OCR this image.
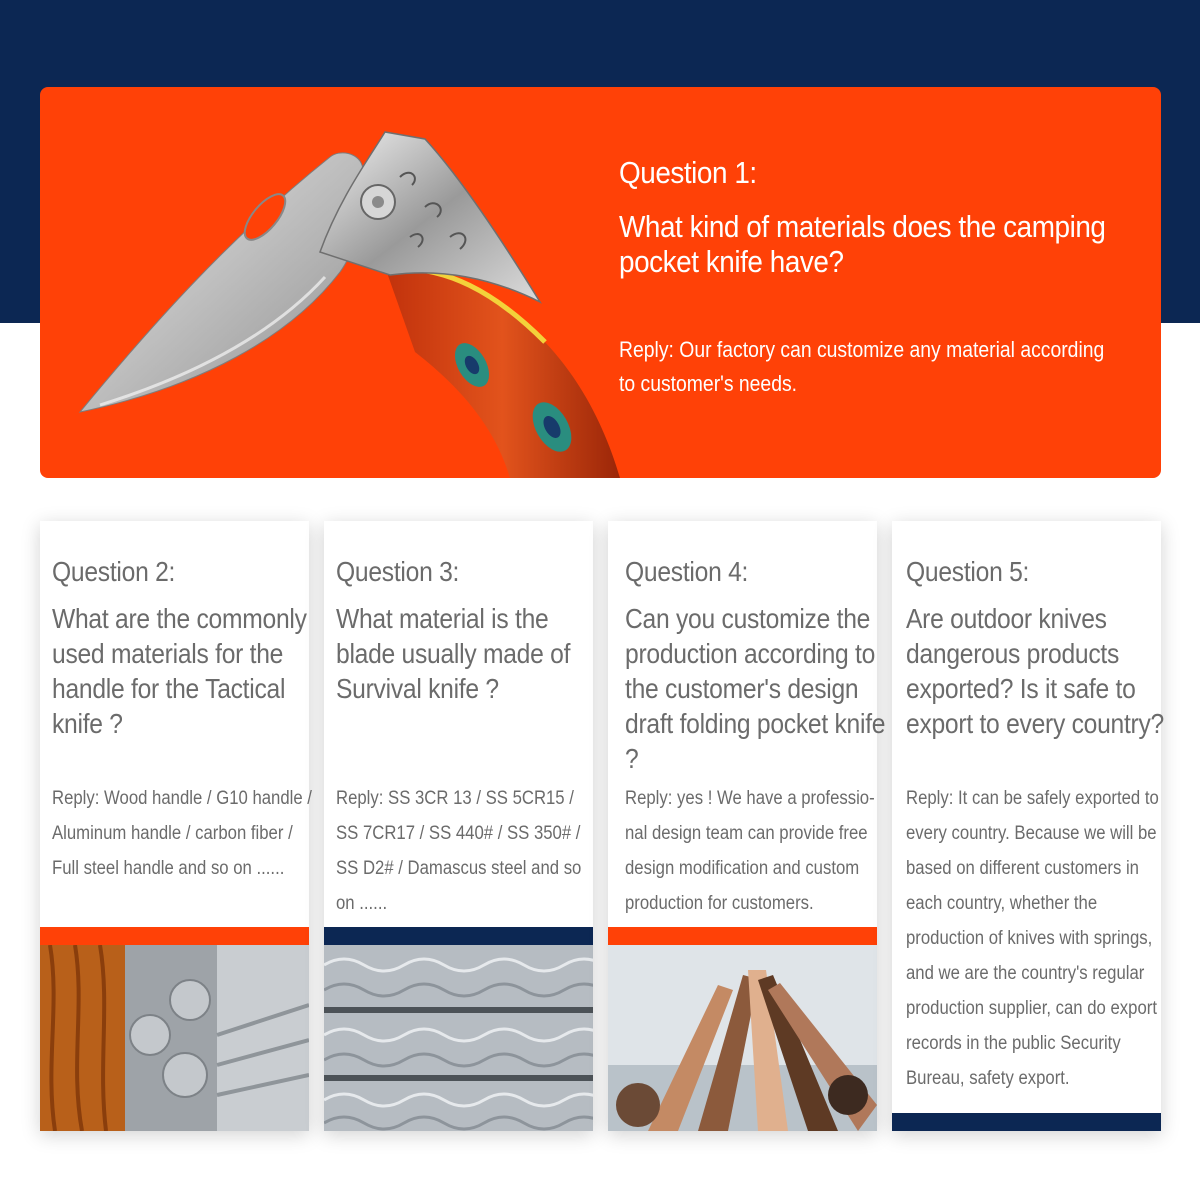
Question 1:
What kind of materials does the camping pocket knife have?
Reply: Our factory can customize any material according to customer's needs.
Question 2:
What are the commonly used materials for the handle for the Tactical knife ?
Reply: Wood handle / G10 handle / Aluminum handle / carbon fiber / Full steel handle and so on ......
Question 3:
What material is the blade usually made of Survival knife ?
Reply: SS 3CR 13 / SS 5CR15 / SS 7CR17 / SS 440# / SS 350# / SS D2# / Damascus steel and so on ......
Question 4:
Can you customize the production according to the customer's design draft folding pocket knife ?
Reply: yes ! We have a professio-nal design team can provide free design modification and custom production for customers.
Question 5:
Are outdoor knives dangerous products exported? Is it safe to export to every country?
Reply: It can be safely exported to every country. Because we will be based on different customers in each country, whether the production of knives with springs, and we are the country's regular production supplier, can do export records in the public Security Bureau, safety export.
